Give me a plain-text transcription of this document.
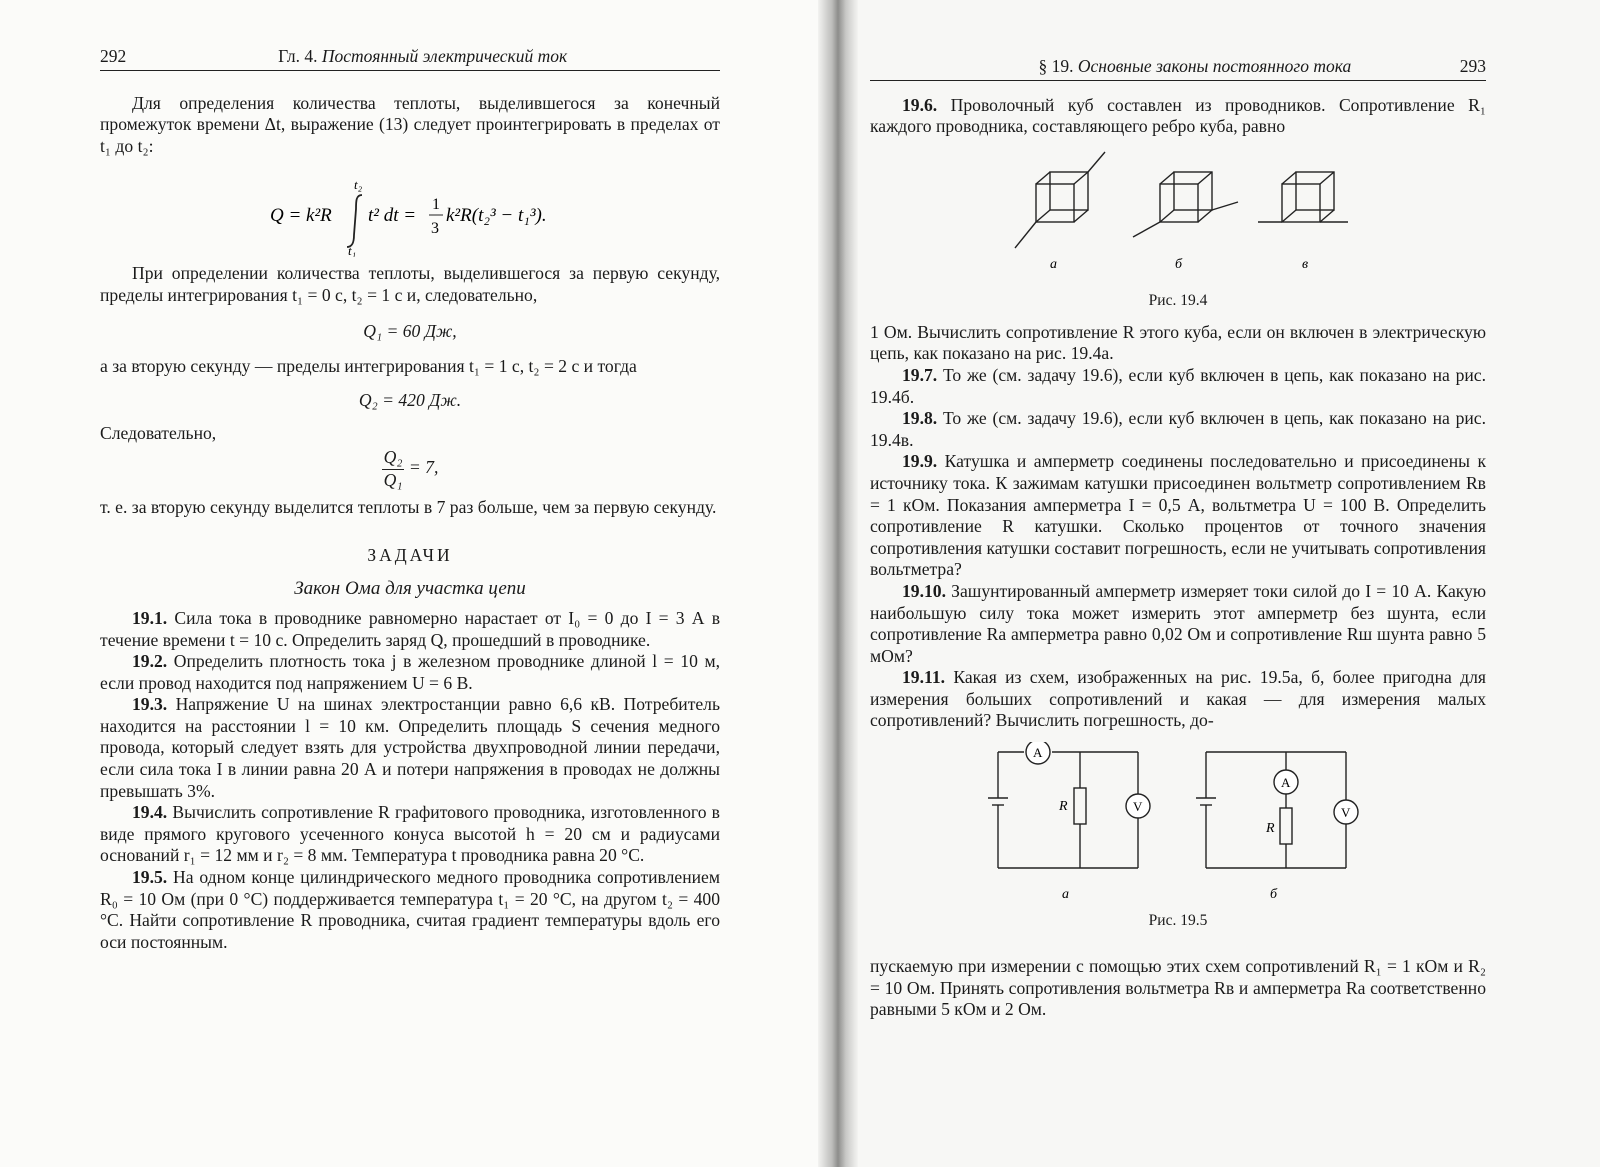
292	Гл. 4. Постоянный электрический ток

Для определения количества теплоты, выделившегося за конечный промежуток времени Δt, выражение (13) следует проинтегрировать в пределах от t₁ до t₂:

Q = k²R
t₂
t₁
t² dt =
1
3
k²R(t₂³ − t₁³).

При определении количества теплоты, выделившегося за первую секунду, пределы интегрирования t₁ = 0 с, t₂ = 1 с и, следовательно,

Q₁ = 60 Дж,

а за вторую секунду — пределы интегрирования t₁ = 1 с, t₂ = 2 с и тогда

Q₂ = 420 Дж.

Следовательно,

$\frac{\text{Q₂}}{\text{Q₁}} = 7$,

т. е. за вторую секунду выделится теплоты в 7 раз больше, чем за первую секунду.

ЗАДАЧИ
Закон Ома для участка цепи

19.1. Сила тока в проводнике равномерно нарастает от I₀ = 0 до I = 3 А в течение времени t = 10 с. Определить заряд Q, прошедший в проводнике.

19.2. Определить плотность тока j в железном проводнике длиной l = 10 м, если провод находится под напряжением U = 6 В.

19.3. Напряжение U на шинах электростанции равно 6,6 кВ. Потребитель находится на расстоянии l = 10 км. Определить площадь S сечения медного провода, который следует взять для устройства двухпроводной линии передачи, если сила тока I в линии равна 20 А и потери напряжения в проводах не должны превышать 3%.

19.4. Вычислить сопротивление R графитового проводника, изготовленного в виде прямого кругового усеченного конуса высотой h = 20 см и радиусами оснований r₁ = 12 мм и r₂ = 8 мм. Температура t проводника равна 20 °С.

19.5. На одном конце цилиндрического медного проводника сопротивлением R₀ = 10 Ом (при 0 °С) поддерживается температура t₁ = 20 °С, на другом t₂ = 400 °С. Найти сопротивление R проводника, считая градиент температуры вдоль его оси постоянным.

§ 19. Основные законы постоянного тока	293

19.6. Проволочный куб составлен из проводников. Сопротивление R₁ каждого проводника, составляющего ребро куба, равно

а	б	в
Рис. 19.4

1 Ом. Вычислить сопротивление R этого куба, если он включен в электрическую цепь, как показано на рис. 19.4а.

19.7. То же (см. задачу 19.6), если куб включен в цепь, как показано на рис. 19.4б.

19.8. То же (см. задачу 19.6), если куб включен в цепь, как показано на рис. 19.4в.

19.9. Катушка и амперметр соединены последовательно и присоединены к источнику тока. К зажимам катушки присоединен вольтметр сопротивлением Rв = 1 кОм. Показания амперметра I = 0,5 А, вольтметра U = 100 В. Определить сопротивление R катушки. Сколько процентов от точного значения сопротивления катушки составит погрешность, если не учитывать сопротивления вольтметра?

19.10. Зашунтированный амперметр измеряет токи силой до I = 10 А. Какую наибольшую силу тока может измерить этот амперметр без шунта, если сопротивление Rа амперметра равно 0,02 Ом и сопротивление Rш шунта равно 5 мОм?

19.11. Какая из схем, изображенных на рис. 19.5а, б, более пригодна для измерения больших сопротивлений и какая — для измерения малых сопротивлений? Вычислить погрешность, до-

A
V
R
а
A
V
R
б
Рис. 19.5

пускаемую при измерении с помощью этих схем сопротивлений R₁ = 1 кОм и R₂ = 10 Ом. Принять сопротивления вольтметра Rв и амперметра Rа соответственно равными 5 кОм и 2 Ом.
